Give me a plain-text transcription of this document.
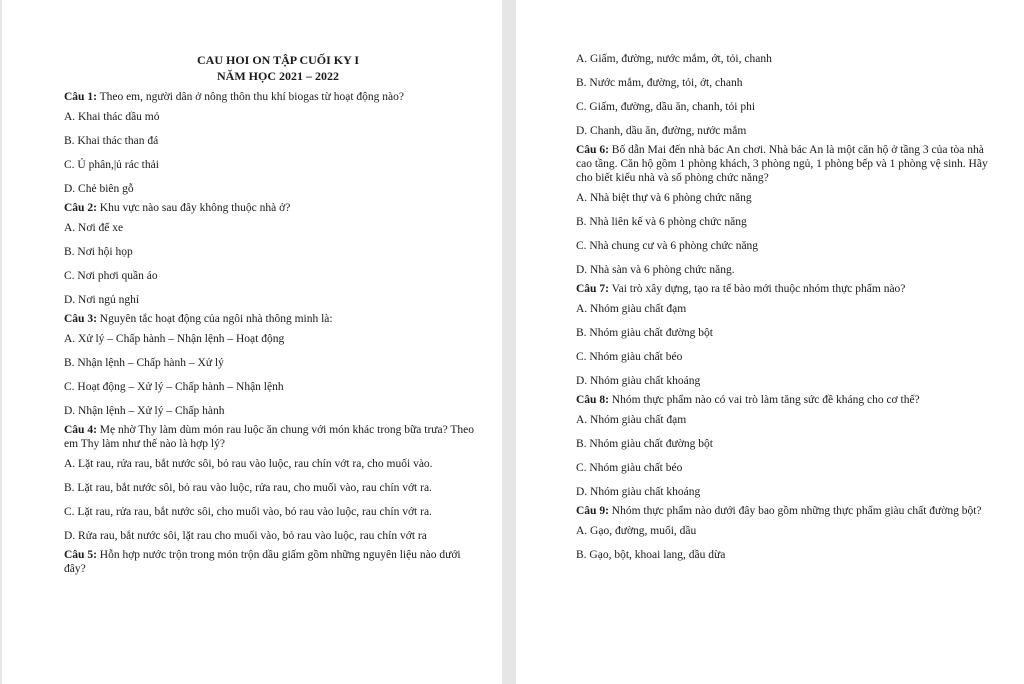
CAU HOI ON TẬP CUỐI KY I
NĂM HỌC 2021 – 2022
Câu 1: Theo em, người dân ở nông thôn thu khí biogas từ hoạt động nào?
A. Khai thác dầu mỏ
B. Khai thác than đá
C. Ủ phân,|ủ rác thải
D. Chẻ biên gỗ
Câu 2: Khu vực nào sau đây không thuộc nhà ở?
A. Nơi để xe
B. Nơi hội họp
C. Nơi phơi quần áo
D. Nơi ngủ nghỉ
Câu 3: Nguyên tắc hoạt động của ngôi nhà thông minh là:
A. Xử lý – Chấp hành – Nhận lệnh – Hoạt động
B. Nhận lệnh – Chấp hành – Xử lý
C. Hoạt động – Xử lý – Chấp hành – Nhận lệnh
D. Nhận lệnh – Xử lý – Chấp hành
Câu 4: Mẹ nhờ Thy làm dùm món rau luộc ăn chung với món khác trong bữa trưa? Theo em Thy làm như thế nào là hợp lý?
A. Lặt rau, rửa rau, bắt nước sôi, bỏ rau vào luộc, rau chín vớt ra, cho muối vào.
B. Lặt rau, bắt nước sôi, bỏ rau vào luộc, rửa rau, cho muối vào, rau chín vớt ra.
C. Lặt rau, rửa rau, bắt nước sôi, cho muối vào, bỏ rau vào luộc, rau chín vớt ra.
D. Rửa rau, bắt nước sôi, lặt rau cho muối vào, bỏ rau vào luộc, rau chín vớt ra
Câu 5: Hỗn hợp nước trộn trong món trộn dầu giấm gồm những nguyên liệu nào dưới đây?
A. Giấm, đường, nước mắm, ớt, tỏi, chanh
B. Nước mắm, đường, tỏi, ớt, chanh
C. Giấm, đường, dầu ăn, chanh, tỏi phi
D. Chanh, dầu ăn, đường, nước mắm
Câu 6: Bố dẫn Mai đến nhà bác An chơi. Nhà bác An là một căn hộ ở tầng 3 của tòa nhà cao tầng. Căn hộ gồm 1 phòng khách, 3 phòng ngủ, 1 phòng bếp và 1 phòng vệ sinh. Hãy cho biết kiểu nhà và số phòng chức năng?
A. Nhà biệt thự và 6 phòng chức năng
B. Nhà liên kế và 6 phòng chức năng
C. Nhà chung cư và 6 phòng chức năng
D. Nhà sàn và 6 phòng chức năng.
Câu 7: Vai trò xây dựng, tạo ra tế bào mới thuộc nhóm thực phẩm nào?
A. Nhóm giàu chất đạm
B. Nhóm giàu chất đường bột
C. Nhóm giàu chất béo
D. Nhóm giàu chất khoáng
Câu 8: Nhóm thực phẩm nào có vai trò làm tăng sức đề kháng cho cơ thể?
A. Nhóm giàu chất đạm
B. Nhóm giàu chất đường bột
C. Nhóm giàu chất béo
D. Nhóm giàu chất khoáng
Câu 9: Nhóm thực phẩm nào dưới đây bao gồm những thực phẩm giàu chất đường bột?
A. Gạo, đường, muối, dầu
B. Gạo, bột, khoai lang, dầu dừa
